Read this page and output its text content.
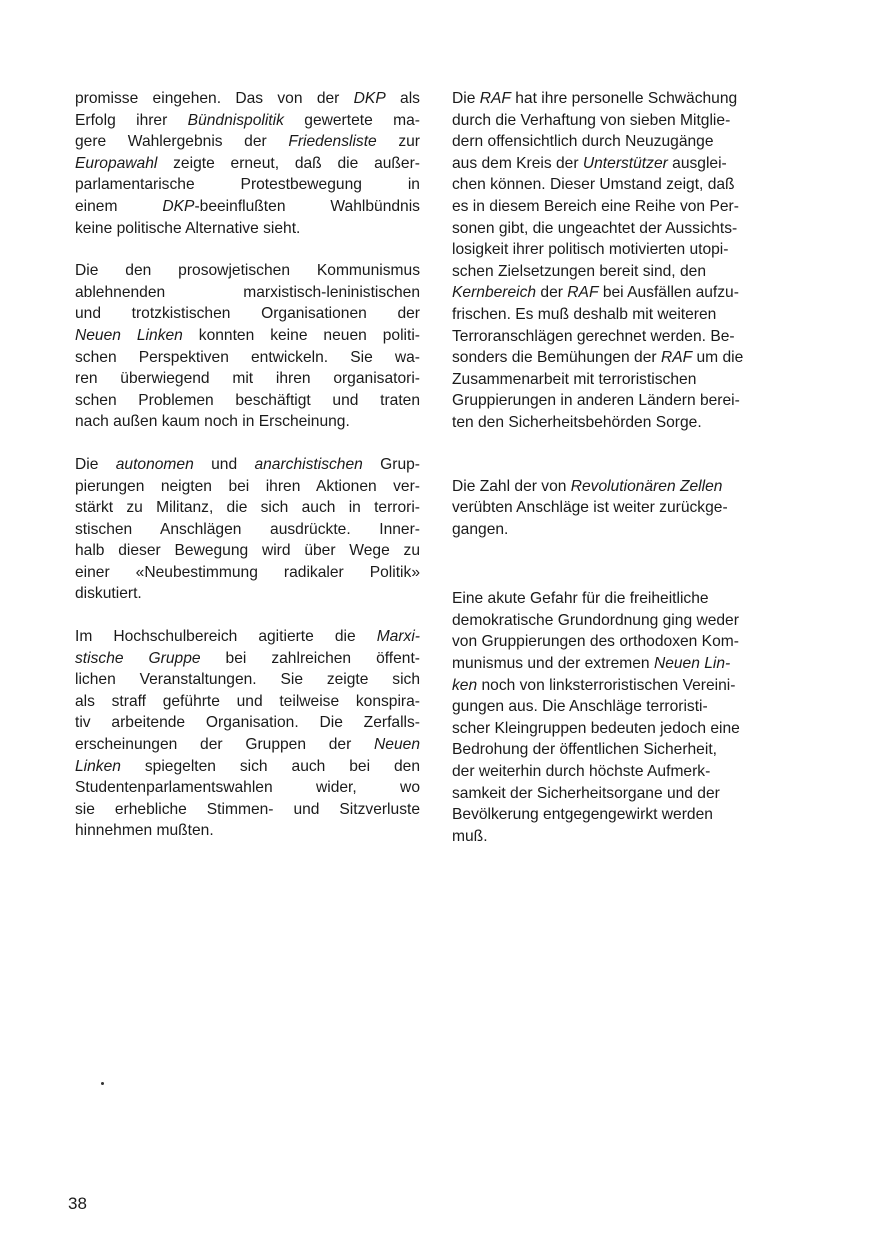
promisse eingehen. Das von der DKP als
Erfolg ihrer Bündnispolitik gewertete ma-
gere Wahlergebnis der Friedensliste zur
Europawahl zeigte erneut, daß die außer-
parlamentarische Protestbewegung in
einem DKP-beeinflußten Wahlbündnis
keine politische Alternative sieht.

Die den prosowjetischen Kommunismus
ablehnenden marxistisch-leninistischen
und trotzkistischen Organisationen der
Neuen Linken konnten keine neuen politi-
schen Perspektiven entwickeln. Sie wa-
ren überwiegend mit ihren organisatori-
schen Problemen beschäftigt und traten
nach außen kaum noch in Erscheinung.

Die autonomen und anarchistischen Grup-
pierungen neigten bei ihren Aktionen ver-
stärkt zu Militanz, die sich auch in terrori-
stischen Anschlägen ausdrückte. Inner-
halb dieser Bewegung wird über Wege zu
einer «Neubestimmung radikaler Politik»
diskutiert.

Im Hochschulbereich agitierte die Marxi-
stische Gruppe bei zahlreichen öffent-
lichen Veranstaltungen. Sie zeigte sich
als straff geführte und teilweise konspira-
tiv arbeitende Organisation. Die Zerfalls-
erscheinungen der Gruppen der Neuen
Linken spiegelten sich auch bei den
Studentenparlamentswahlen wider, wo
sie erhebliche Stimmen- und Sitzverluste
hinnehmen mußten.

Die RAF hat ihre personelle Schwächung
durch die Verhaftung von sieben Mitglie-
dern offensichtlich durch Neuzugänge
aus dem Kreis der Unterstützer ausglei-
chen können. Dieser Umstand zeigt, daß
es in diesem Bereich eine Reihe von Per-
sonen gibt, die ungeachtet der Aussichts-
losigkeit ihrer politisch motivierten utopi-
schen Zielsetzungen bereit sind, den
Kernbereich der RAF bei Ausfällen aufzu-
frischen. Es muß deshalb mit weiteren
Terroranschlägen gerechnet werden. Be-
sonders die Bemühungen der RAF um die
Zusammenarbeit mit terroristischen
Gruppierungen in anderen Ländern berei-
ten den Sicherheitsbehörden Sorge.

Die Zahl der von Revolutionären Zellen
verübten Anschläge ist weiter zurückge-
gangen.

Eine akute Gefahr für die freiheitliche
demokratische Grundordnung ging weder
von Gruppierungen des orthodoxen Kom-
munismus und der extremen Neuen Lin-
ken noch von linksterroristischen Vereini-
gungen aus. Die Anschläge terroristi-
scher Kleingruppen bedeuten jedoch eine
Bedrohung der öffentlichen Sicherheit,
der weiterhin durch höchste Aufmerk-
samkeit der Sicherheitsorgane und der
Bevölkerung entgegengewirkt werden
muß.

38
